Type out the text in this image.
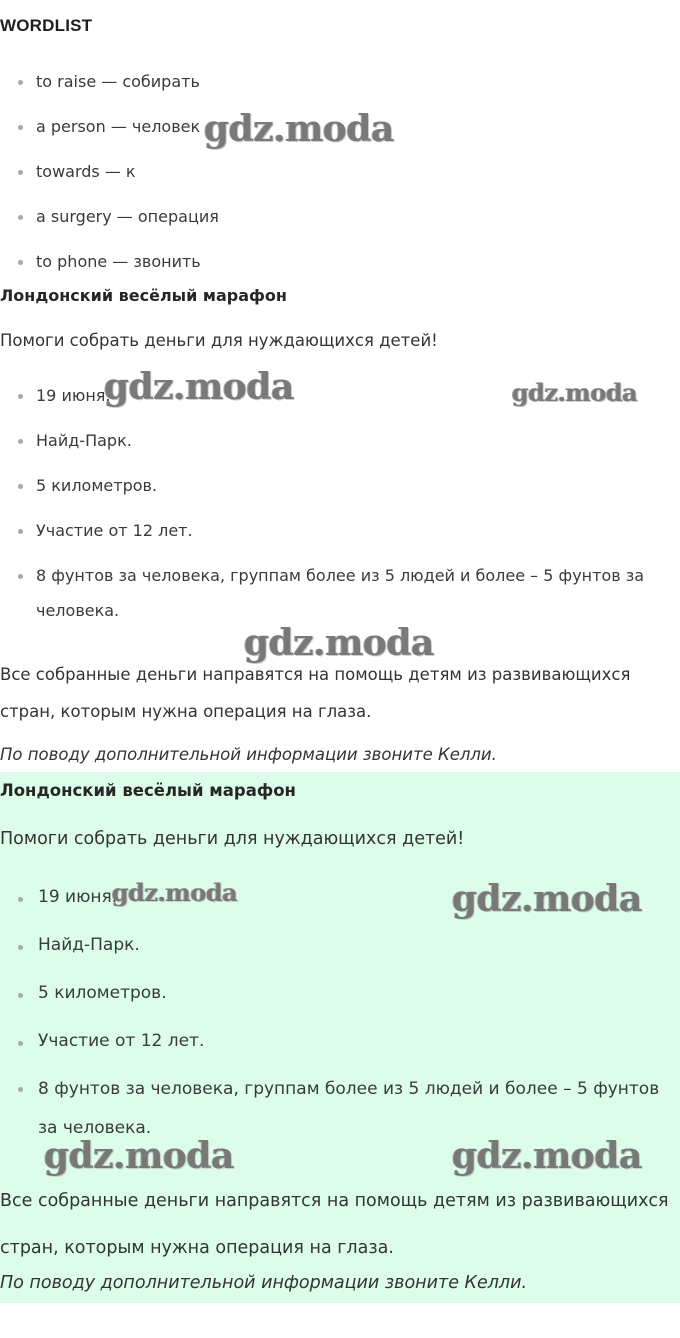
WORDLIST
to raise — собирать
a person — человек
towards — к
a surgery — операция
to phone — звонить
Лондонский весёлый марафон
Помоги собрать деньги для нуждающихся детей!
19 июня.
Найд-Парк.
5 километров.
Участие от 12 лет.
8 фунтов за человека, группам более из 5 людей и более – 5 фунтов за человека.
Все собранные деньги направятся на помощь детям из развивающихся стран, которым нужна операция на глаза.
По поводу дополнительной информации звоните Келли.
Лондонский весёлый марафон
Помоги собрать деньги для нуждающихся детей!
19 июня.
Найд-Парк.
5 километров.
Участие от 12 лет.
8 фунтов за человека, группам более из 5 людей и более – 5 фунтов за человека.
Все собранные деньги направятся на помощь детям из развивающихся стран, которым нужна операция на глаза.
По поводу дополнительной информации звоните Келли.
gdz.moda
gdz.moda	gdz.moda
gdz.moda
gdz.moda	gdz.moda
gdz.moda	gdz.moda
